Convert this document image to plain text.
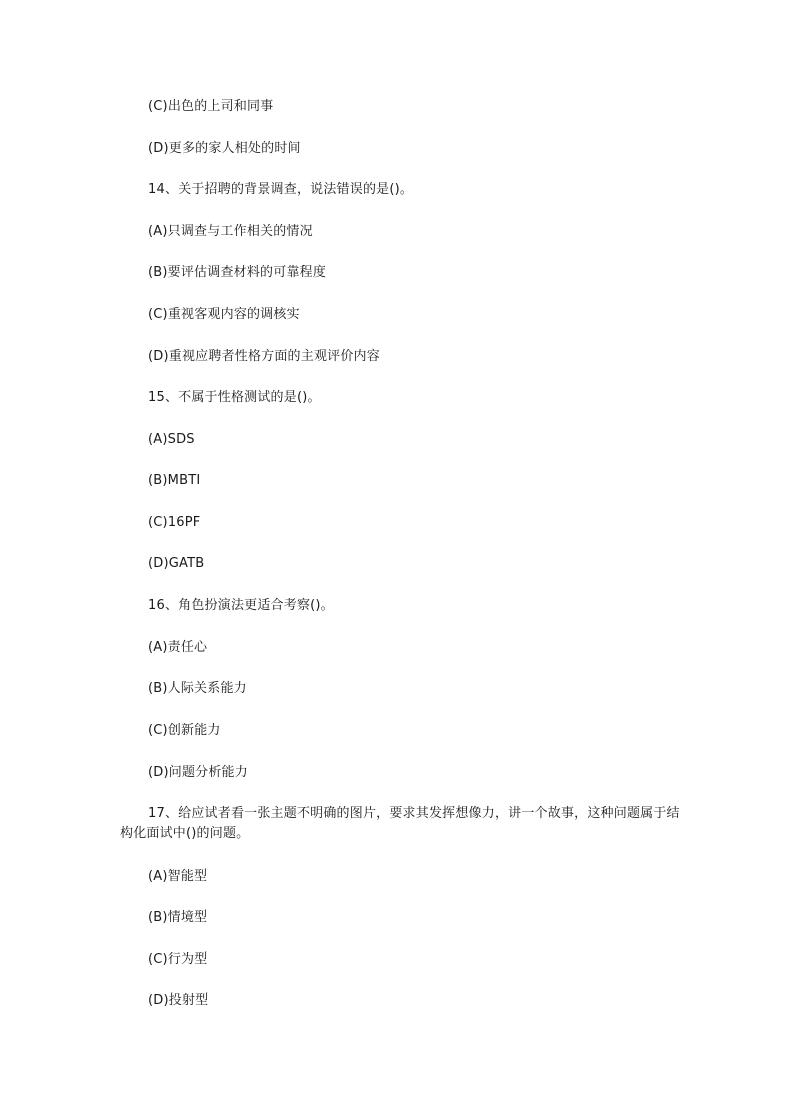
(C)出色的上司和同事
(D)更多的家人相处的时间
14、关于招聘的背景调查，说法错误的是()。
(A)只调查与工作相关的情况
(B)要评估调查材料的可靠程度
(C)重视客观内容的调核实
(D)重视应聘者性格方面的主观评价内容
15、不属于性格测试的是()。
(A)SDS
(B)MBTI
(C)16PF
(D)GATB
16、角色扮演法更适合考察()。
(A)责任心
(B)人际关系能力
(C)创新能力
(D)问题分析能力
17、给应试者看一张主题不明确的图片，要求其发挥想像力，讲一个故事，这种问题属于结构化面试中()的问题。
(A)智能型
(B)情境型
(C)行为型
(D)投射型
